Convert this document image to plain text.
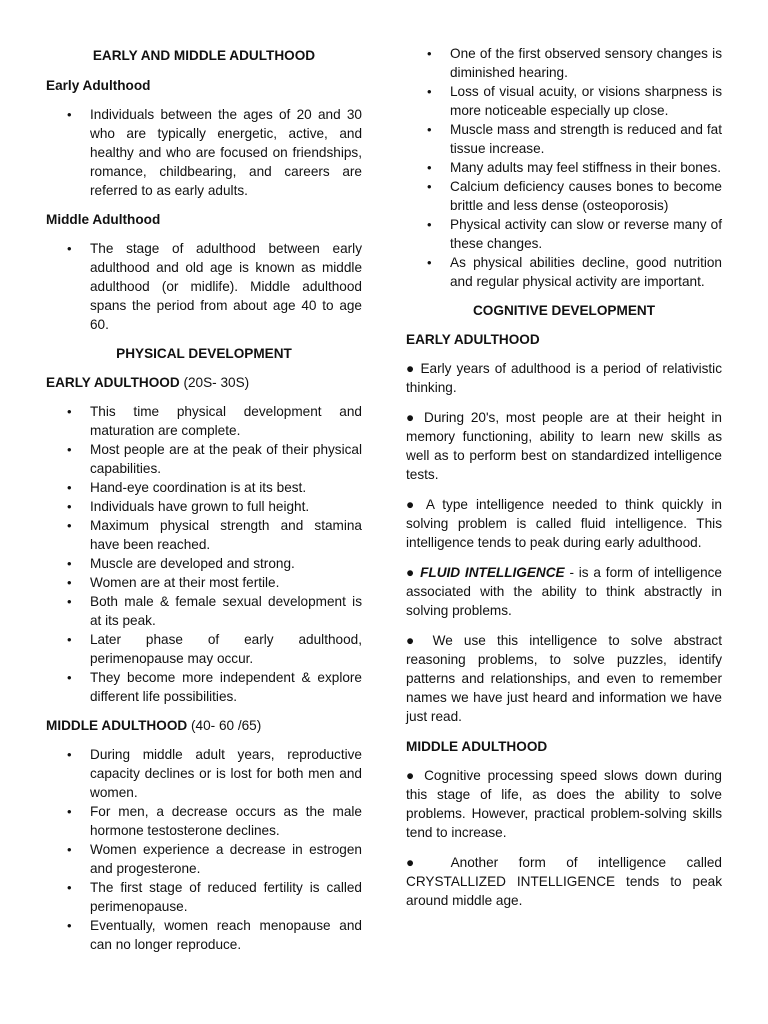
EARLY AND MIDDLE ADULTHOOD
Early Adulthood
• Individuals between the ages of 20 and 30 who are typically energetic, active, and healthy and who are focused on friendships, romance, childbearing, and careers are referred to as early adults.
Middle Adulthood
• The stage of adulthood between early adulthood and old age is known as middle adulthood (or midlife). Middle adulthood spans the period from about age 40 to age 60.
PHYSICAL DEVELOPMENT
EARLY ADULTHOOD (20S- 30S)
• This time physical development and maturation are complete.
• Most people are at the peak of their physical capabilities.
• Hand-eye coordination is at its best.
• Individuals have grown to full height.
• Maximum physical strength and stamina have been reached.
• Muscle are developed and strong.
• Women are at their most fertile.
• Both male & female sexual development is at its peak.
• Later phase of early adulthood, perimenopause may occur.
• They become more independent & explore different life possibilities.
MIDDLE ADULTHOOD (40- 60 /65)
• During middle adult years, reproductive capacity declines or is lost for both men and women.
• For men, a decrease occurs as the male hormone testosterone declines.
• Women experience a decrease in estrogen and progesterone.
• The first stage of reduced fertility is called perimenopause.
• Eventually, women reach menopause and can no longer reproduce.
• One of the first observed sensory changes is diminished hearing.
• Loss of visual acuity, or visions sharpness is more noticeable especially up close.
• Muscle mass and strength is reduced and fat tissue increase.
• Many adults may feel stiffness in their bones.
• Calcium deficiency causes bones to become brittle and less dense (osteoporosis)
• Physical activity can slow or reverse many of these changes.
• As physical abilities decline, good nutrition and regular physical activity are important.
COGNITIVE DEVELOPMENT
EARLY ADULTHOOD

● Early years of adulthood is a period of relativistic thinking.

● During 20's, most people are at their height in memory functioning, ability to learn new skills as well as to perform best on standardized intelligence tests.

● A type intelligence needed to think quickly in solving problem is called fluid intelligence. This intelligence tends to peak during early adulthood.

● FLUID INTELLIGENCE - is a form of intelligence associated with the ability to think abstractly in solving problems.

● We use this intelligence to solve abstract reasoning problems, to solve puzzles, identify patterns and relationships, and even to remember names we have just heard and information we have just read.

MIDDLE ADULTHOOD

● Cognitive processing speed slows down during this stage of life, as does the ability to solve problems. However, practical problem-solving skills tend to increase.

● Another form of intelligence called CRYSTALLIZED INTELLIGENCE tends to peak around middle age.
